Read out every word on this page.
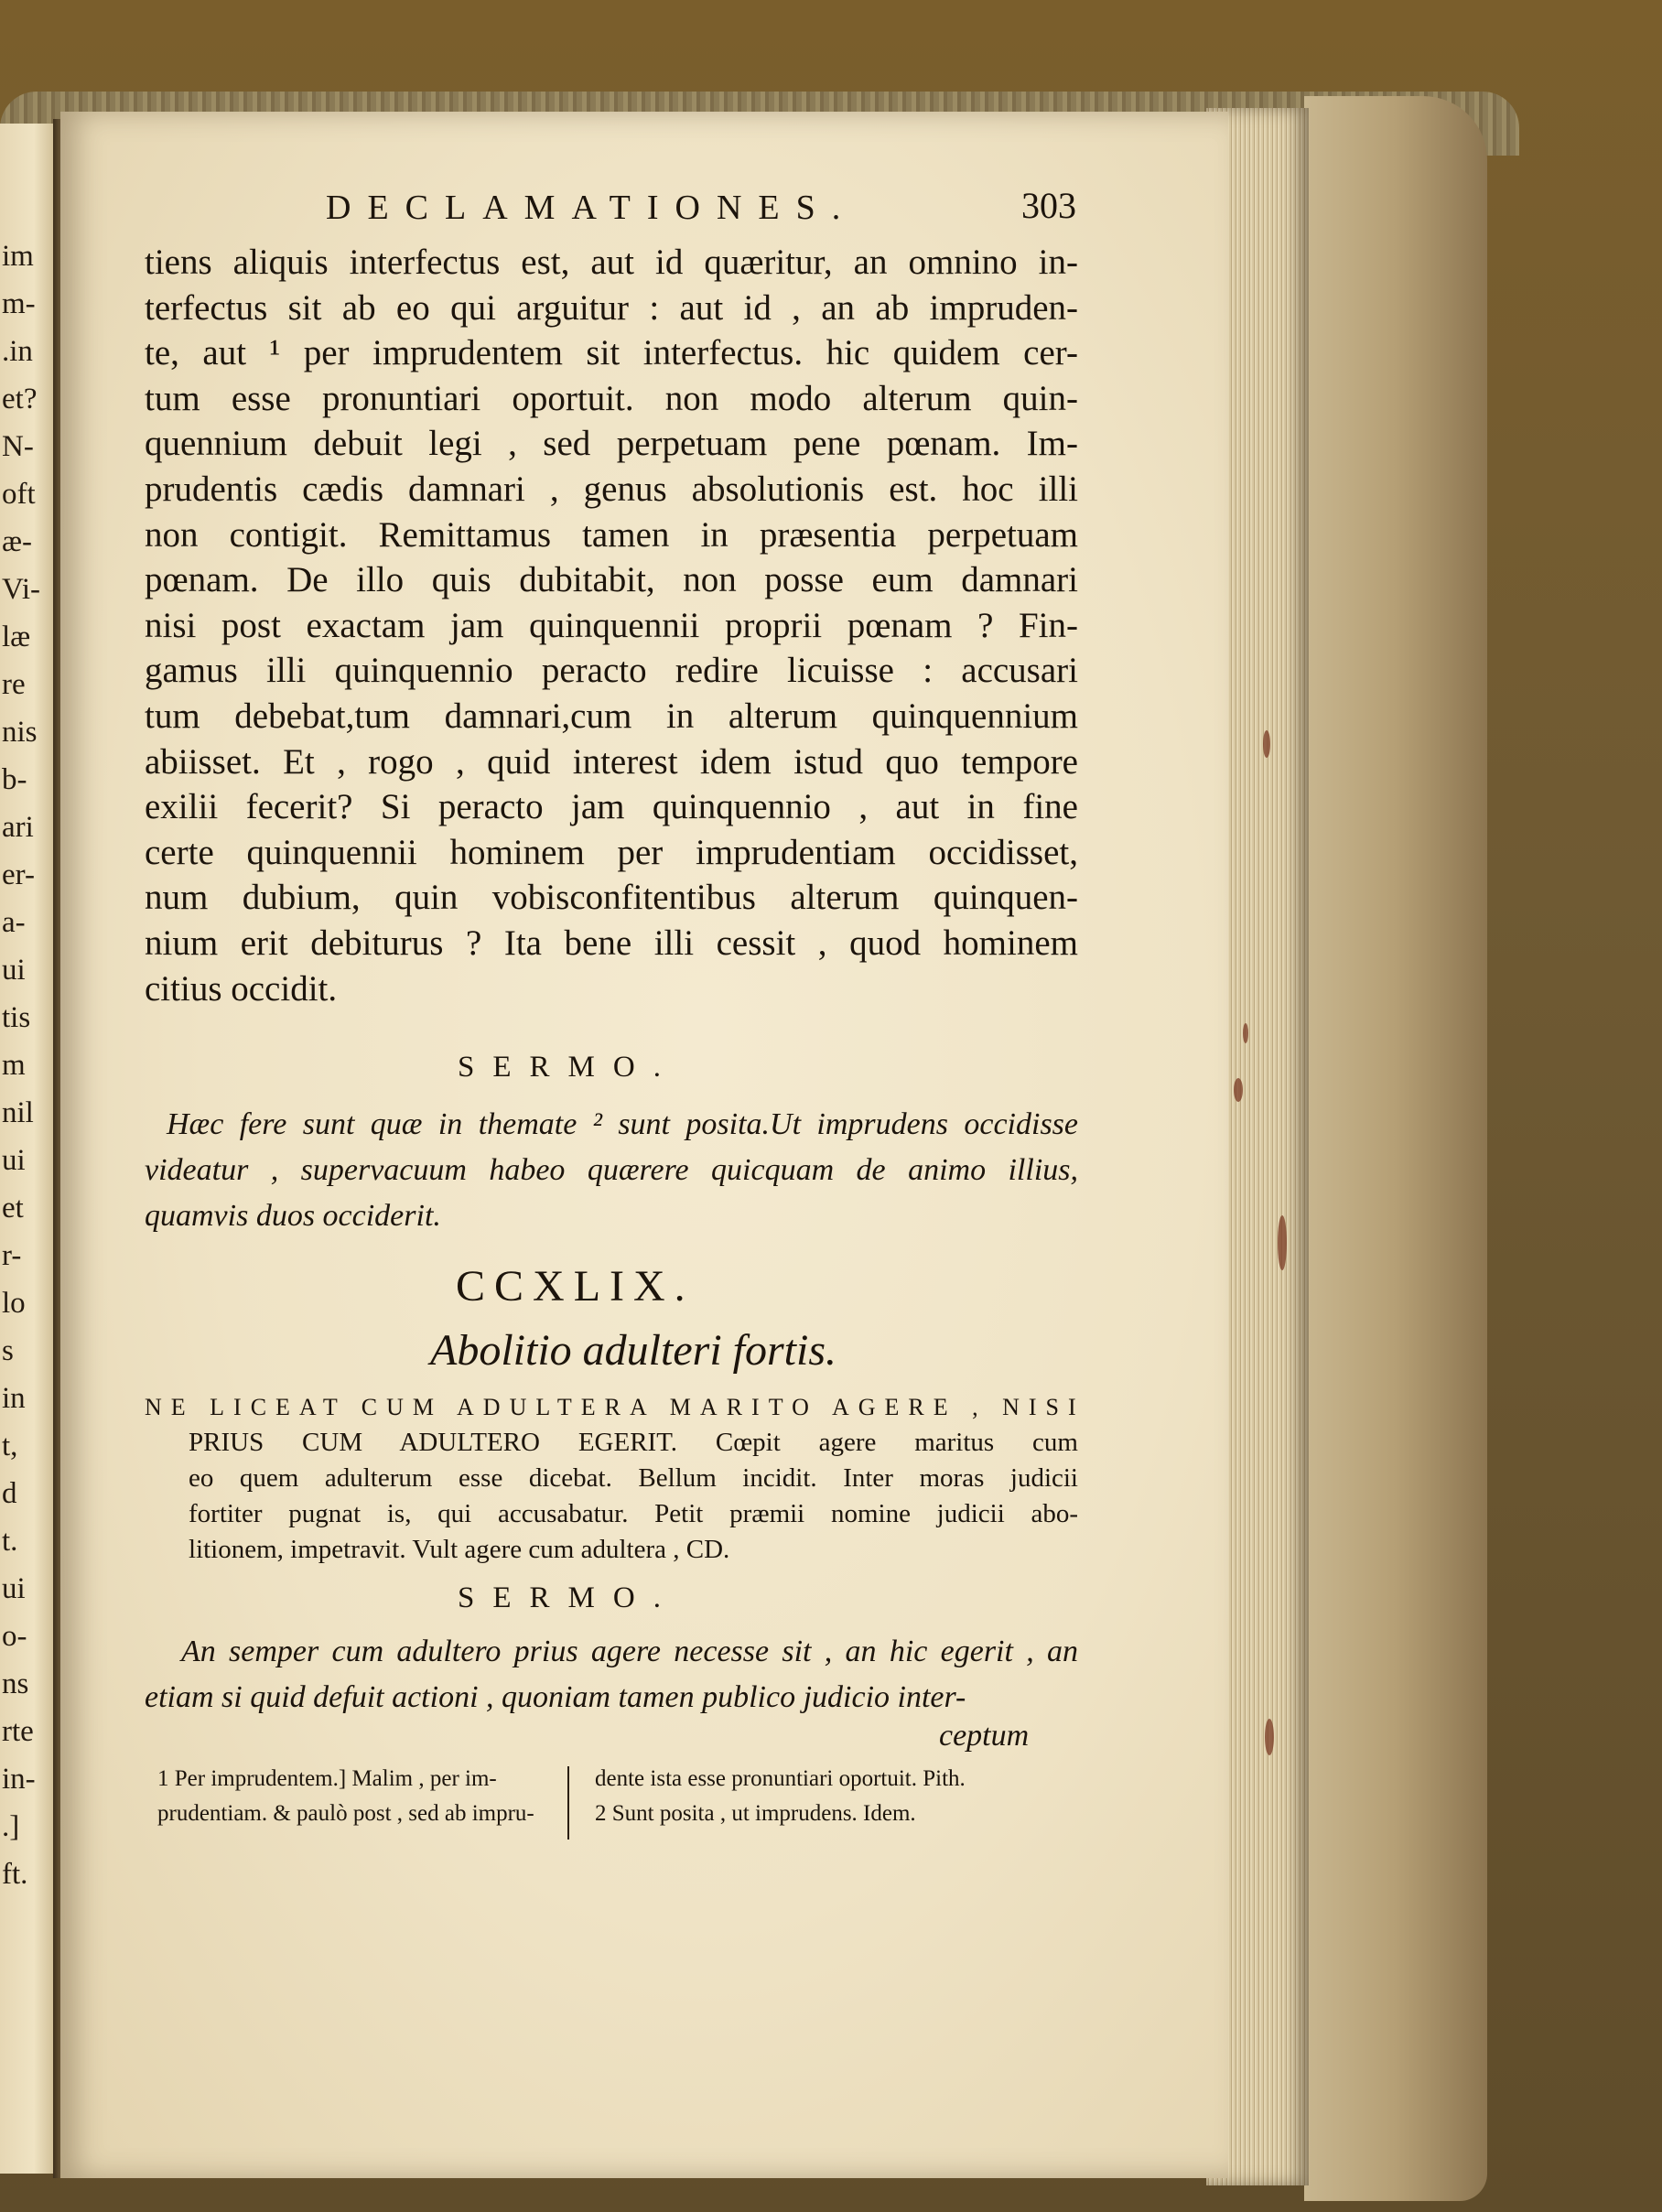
im
m-
.in
et?
N-
oft
æ-
Vi-
læ
re
nis
b-
ari
er-
a-
ui
tis
m
nil
ui
et
r-
lo
s
in
t,
d
t.
ui
o-
ns
rte
in-
.]
ft.
DECLAMATIONES.	303
tiens aliquis interfectus est, aut id quæritur, an omnino in-
terfectus sit ab eo qui arguitur : aut id , an ab impruden-
te, aut ¹ per imprudentem sit interfectus. hic quidem cer-
tum esse pronuntiari oportuit. non modo alterum quin-
quennium debuit legi , sed perpetuam pene pœnam. Im-
prudentis cædis damnari , genus absolutionis est. hoc illi
non contigit. Remittamus tamen in præsentia perpetuam
pœnam. De illo quis dubitabit, non posse eum damnari
nisi post exactam jam quinquennii proprii pœnam ? Fin-
gamus illi quinquennio peracto redire licuisse : accusari
tum debebat,tum damnari,cum in alterum quinquennium
abiisset. Et , rogo , quid interest idem istud quo tempore
exilii fecerit? Si peracto jam quinquennio , aut in fine
certe quinquennii hominem per imprudentiam occidisset,
num dubium, quin vobisconfitentibus alterum quinquen-
nium erit debiturus ? Ita bene illi cessit , quod hominem
citius occidit.
SERMO.
Hæc fere sunt quæ in themate ² sunt posita.Ut imprudens occidisse
videatur , supervacuum habeo quærere quicquam de animo illius,
quamvis duos occiderit.
CCXLIX.
Abolitio adulteri fortis.
NE LICEAT CUM ADULTERA MARITO AGERE , NISI
PRIUS CUM ADULTERO EGERIT. Cœpit agere maritus cum
eo quem adulterum esse dicebat. Bellum incidit. Inter moras judicii
fortiter pugnat is, qui accusabatur. Petit præmii nomine judicii abo-
litionem, impetravit. Vult agere cum adultera , CD.
SERMO.
An semper cum adultero prius agere necesse sit , an hic egerit , an
etiam si quid defuit actioni , quoniam tamen publico judicio inter-
ceptum
1 Per imprudentem.] Malim , per im-
prudentiam. & paulò post , sed ab impru-
dente ista esse pronuntiari oportuit. Pith.
2 Sunt posita , ut imprudens. Idem.
